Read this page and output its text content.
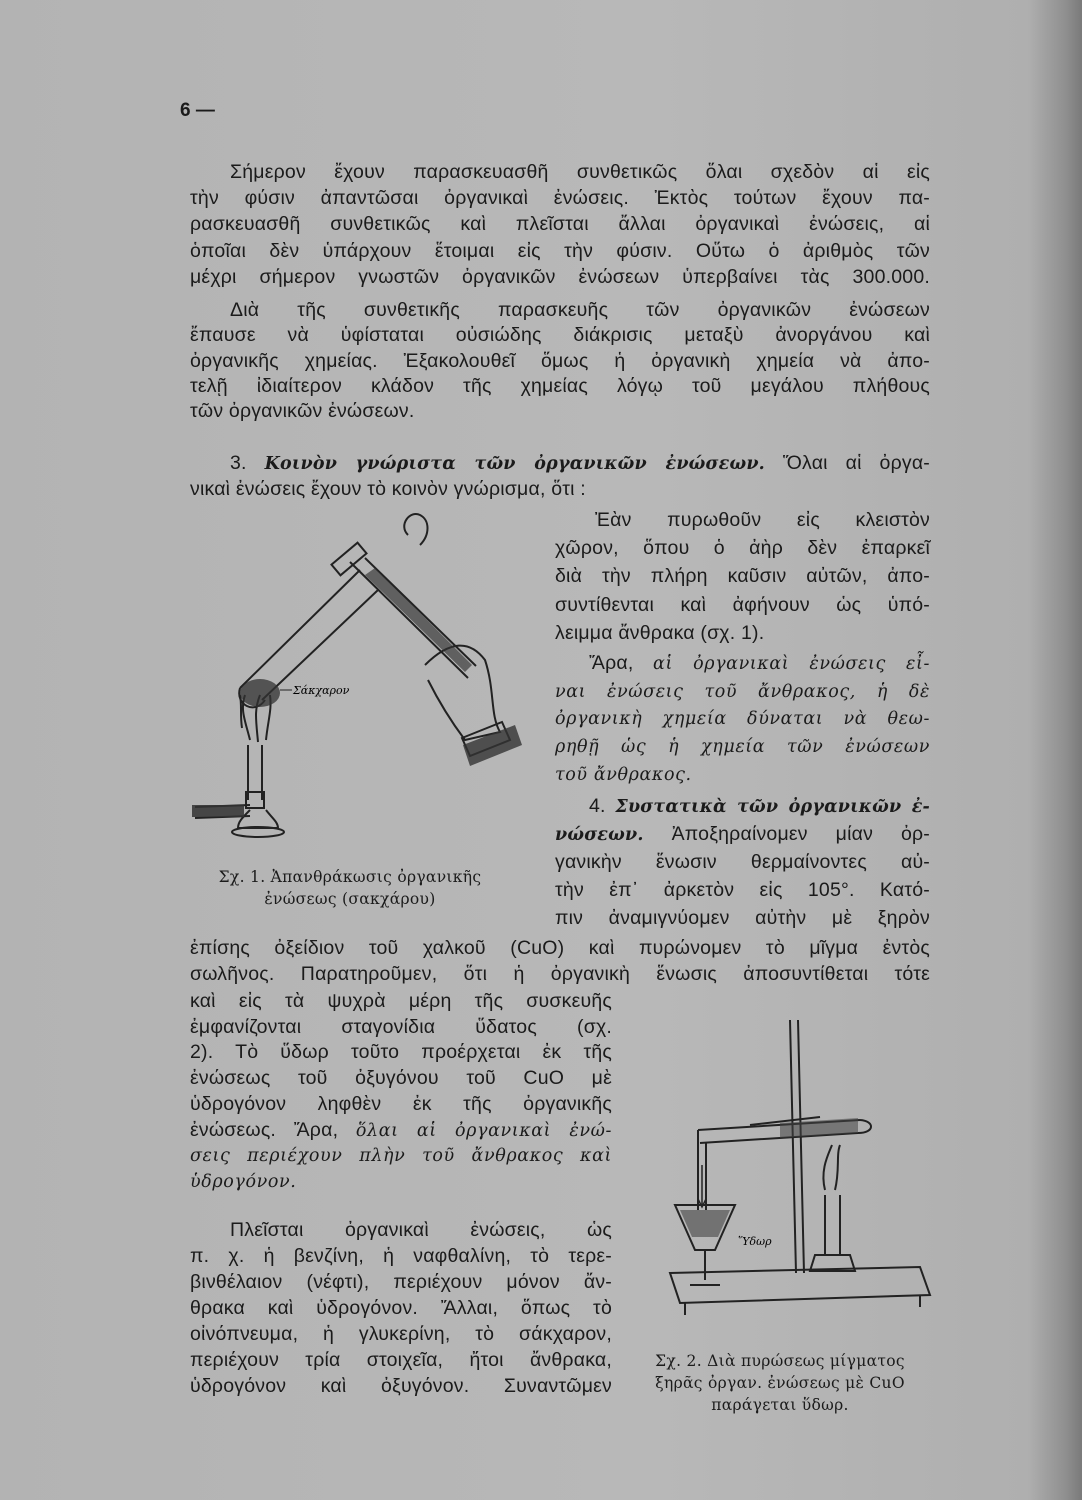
6 —
Σήμερον ἔχουν παρασκευασθῆ συνθετικῶς ὅλαι σχεδὸν αἱ εἰς
τὴν φύσιν ἀπαντῶσαι ὀργανικαὶ ἐνώσεις. Ἐκτὸς τούτων ἔχουν πα-
ρασκευασθῆ συνθετικῶς καὶ πλεῖσται ἄλλαι ὀργανικαὶ ἐνώσεις, αἱ
ὁποῖαι δὲν ὑπάρχουν ἕτοιμαι εἰς τὴν φύσιν. Οὕτω ὁ ἀριθμὸς τῶν
μέχρι σήμερον γνωστῶν ὀργανικῶν ἐνώσεων ὑπερβαίνει τὰς 300.000.
Διὰ τῆς συνθετικῆς παρασκευῆς τῶν ὀργανικῶν ἐνώσεων
ἔπαυσε νὰ ὑφίσταται οὐσιώδης διάκρισις μεταξὺ ἀνοργάνου καὶ
ὀργανικῆς χημείας. Ἐξακολουθεῖ ὅμως ἡ ὀργανικὴ χημεία νὰ ἀπο-
τελῇ ἰδιαίτερον κλάδον τῆς χημείας λόγῳ τοῦ μεγάλου πλήθους
τῶν ὀργανικῶν ἐνώσεων.
3. Κοινὸν γνώριστα τῶν ὀργανικῶν ἐνώσεων. Ὅλαι αἱ ὀργα-
νικαὶ ἐνώσεις ἔχουν τὸ κοινὸν γνώρισμα, ὅτι :
Ἐὰν πυρωθοῦν εἰς κλειστὸν
χῶρον, ὅπου ὁ ἀὴρ δὲν ἐπαρκεῖ
διὰ τὴν πλήρη καῦσιν αὐτῶν, ἀπο-
συντίθενται καὶ ἀφήνουν ὡς ὑπό-
λειμμα ἄνθρακα (σχ. 1).
Ἄρα, αἱ ὀργανικαὶ ἐνώσεις εἶ-
ναι ἐνώσεις τοῦ ἄνθρακος, ἡ δὲ
ὀργανικὴ χημεία δύναται νὰ θεω-
ρηθῇ ὡς ἡ χημεία τῶν ἐνώσεων
τοῦ ἄνθρακος.
4. Συστατικὰ τῶν ὀργανικῶν ἐ-
νώσεων. Ἀποξηραίνομεν μίαν ὀρ-
γανικὴν ἕνωσιν θερμαίνοντες αὐ-
τὴν ἐπ᾽ ἀρκετὸν εἰς 105°. Κατό-
πιν ἀναμιγνύομεν αὐτὴν μὲ ξηρὸν
ἐπίσης ὀξείδιον τοῦ χαλκοῦ (CuO) καὶ πυρώνομεν τὸ μῖγμα ἐντὸς
σωλῆνος. Παρατηροῦμεν, ὅτι ἡ ὀργανικὴ ἕνωσις ἀποσυντίθεται τότε
καὶ εἰς τὰ ψυχρὰ μέρη τῆς συσκευῆς
ἐμφανίζονται σταγονίδια ὕδατος (σχ.
2). Τὸ ὕδωρ τοῦτο προέρχεται ἐκ τῆς
ἐνώσεως τοῦ ὀξυγόνου τοῦ CuO μὲ
ὑδρογόνον ληφθὲν ἐκ τῆς ὀργανικῆς
ἐνώσεως. Ἄρα, ὅλαι αἱ ὀργανικαὶ ἐνώ-
σεις περιέχουν πλὴν τοῦ ἄνθρακος καὶ
ὑδρογόνον.
Πλεῖσται ὀργανικαὶ ἐνώσεις, ὡς
π. χ. ἡ βενζίνη, ἡ ναφθαλίνη, τὸ τερε-
βινθέλαιον (νέφτι), περιέχουν μόνον ἄν-
θρακα καὶ ὑδρογόνον. Ἄλλαι, ὅπως τὸ
οἰνόπνευμα, ἡ γλυκερίνη, τὸ σάκχαρον,
περιέχουν τρία στοιχεῖα, ἤτοι ἄνθρακα,
ὑδρογόνον καὶ ὀξυγόνον. Συναντῶμεν
Σάκχαρον
Σχ. 1. Ἀπανθράκωσις ὀργανικῆς
ἐνώσεως (σακχάρου)
Ὕδωρ
Σχ. 2. Διὰ πυρώσεως μίγματος
ξηρᾶς ὀργαν. ἐνώσεως μὲ CuO
παράγεται ὕδωρ.
